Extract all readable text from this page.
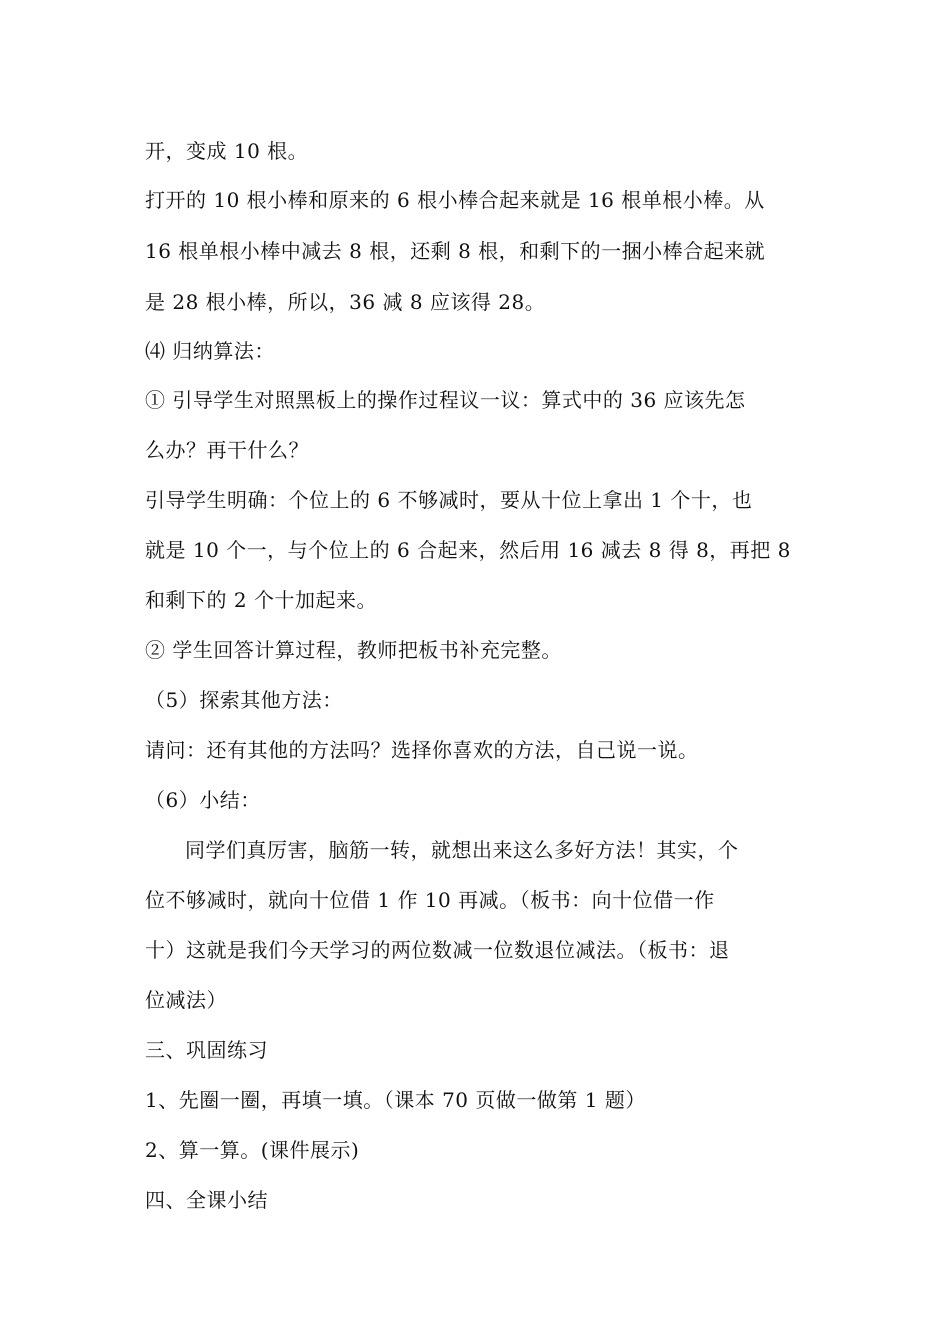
开，变成 10 根。
打开的 10 根小棒和原来的 6 根小棒合起来就是 16 根单根小棒。从
16 根单根小棒中减去 8 根，还剩 8 根，和剩下的一捆小棒合起来就
是 28 根小棒，所以，36 减 8 应该得 28。
⑷ 归纳算法：
① 引导学生对照黑板上的操作过程议一议：算式中的 36 应该先怎
么办？再干什么？
引导学生明确：个位上的 6 不够减时，要从十位上拿出 1 个十，也
就是 10 个一，与个位上的 6 合起来，然后用 16 减去 8 得 8，再把 8
和剩下的 2 个十加起来。
② 学生回答计算过程，教师把板书补充完整。
（5）探索其他方法：
请问：还有其他的方法吗？选择你喜欢的方法，自己说一说。
（6）小结：
同学们真厉害，脑筋一转，就想出来这么多好方法！其实，个
位不够减时，就向十位借 1 作 10 再减。（板书：向十位借一作
十）这就是我们今天学习的两位数减一位数退位减法。（板书：退
位减法）
三、巩固练习
1、先圈一圈，再填一填。（课本 70 页做一做第 1 题）
2、算一算。(课件展示)
四、全课小结
